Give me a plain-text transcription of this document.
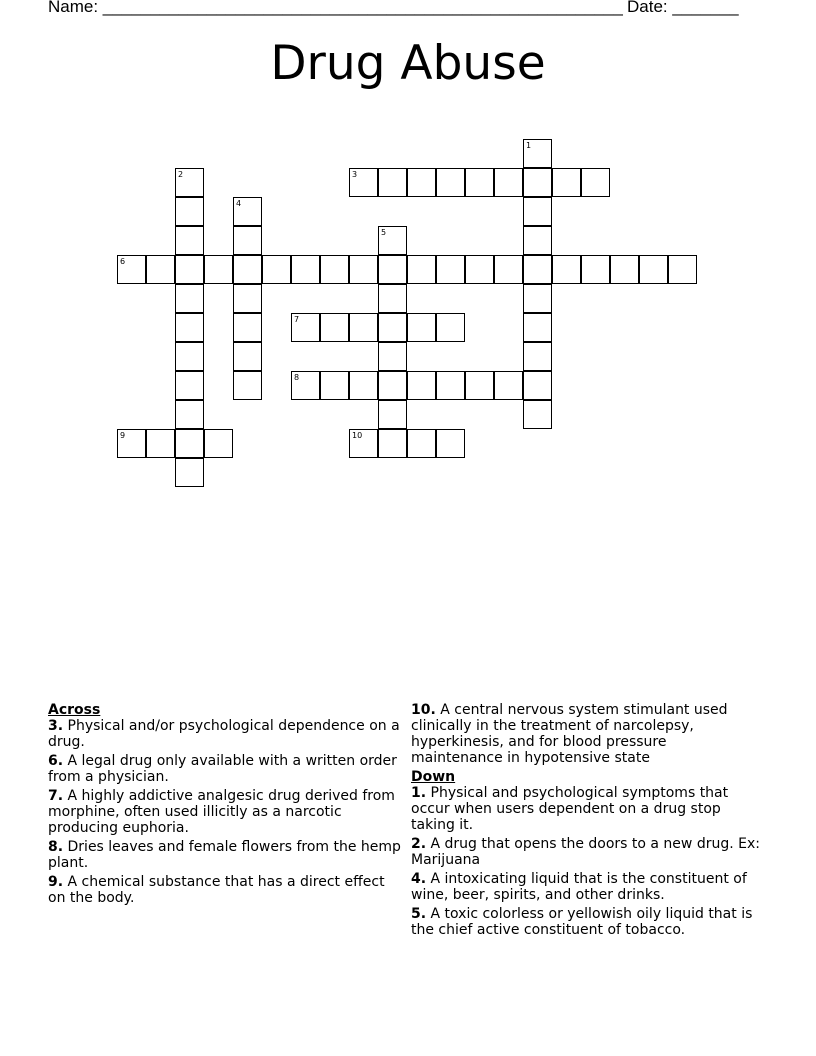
Name: _______________________________________________________ Date: _______
Drug Abuse
1
2	3
4
5
6
7
8
9	10
Across
3. Physical and/or psychological dependence on a drug.
6. A legal drug only available with a written order from a physician.
7. A highly addictive analgesic drug derived from morphine, often used illicitly as a narcotic producing euphoria.
8. Dries leaves and female flowers from the hemp plant.
9. A chemical substance that has a direct effect on the body.
10. A central nervous system stimulant used clinically in the treatment of narcolepsy, hyperkinesis, and for blood pressure maintenance in hypotensive state
Down
1. Physical and psychological symptoms that occur when users dependent on a drug stop taking it.
2. A drug that opens the doors to a new drug. Ex: Marijuana
4. A intoxicating liquid that is the constituent of wine, beer, spirits, and other drinks.
5. A toxic colorless or yellowish oily liquid that is the chief active constituent of tobacco.
